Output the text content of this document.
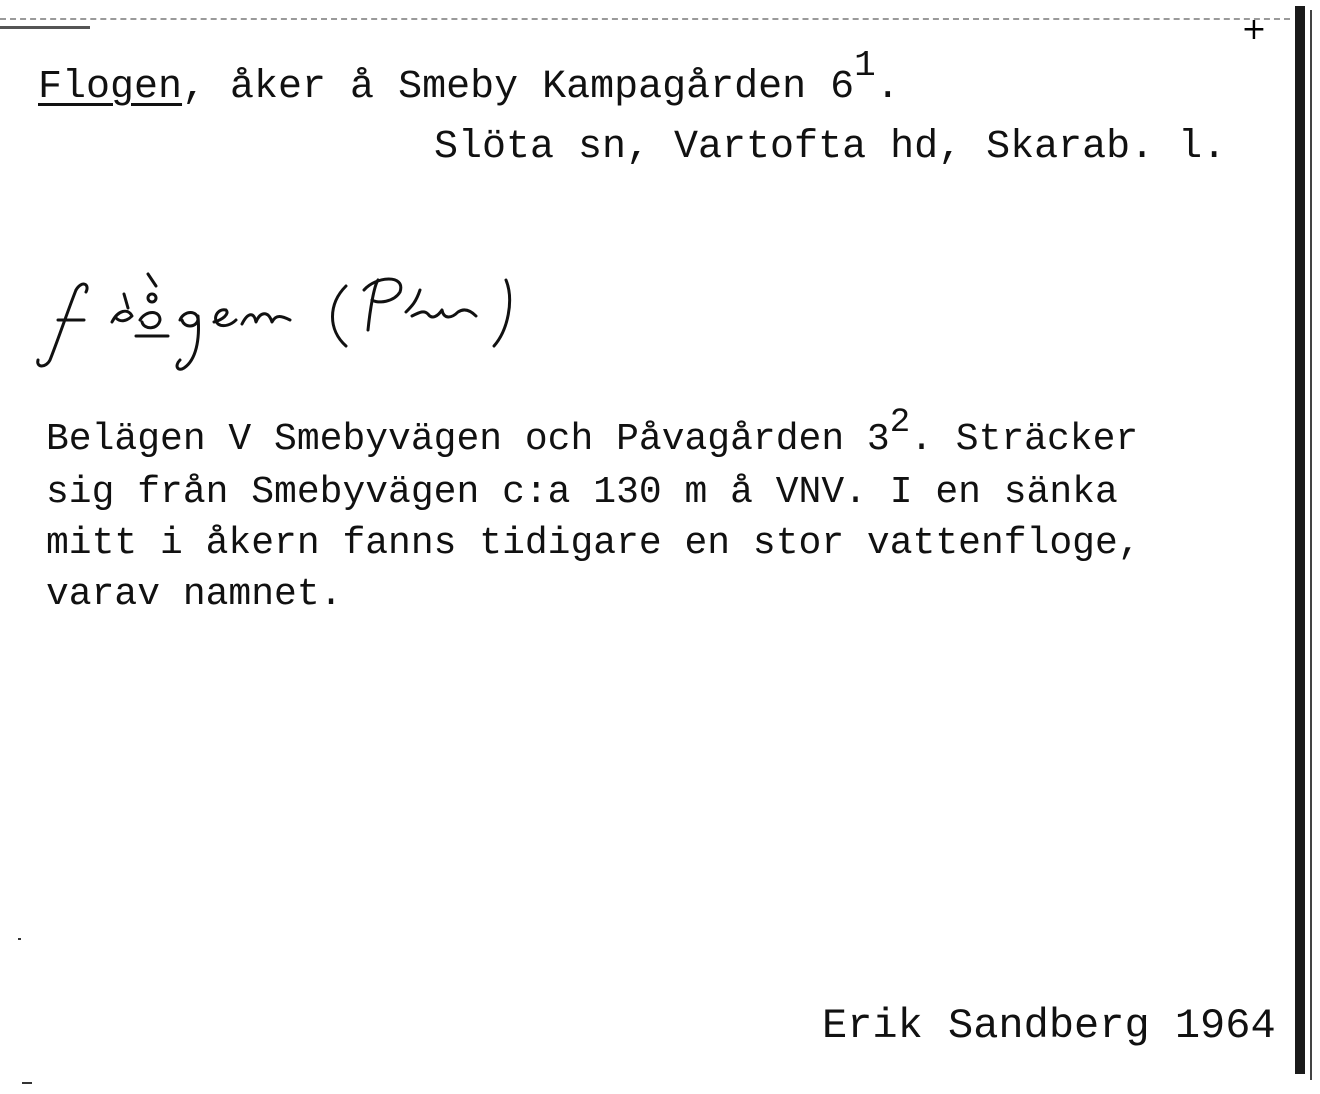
+
Flogen, åker å Smeby Kampagården 61.
Slöta sn, Vartofta hd, Skarab. l.
Belägen V Smebyvägen och Påvagården 32. Sträcker
sig från Smebyvägen c:a 130 m å VNV. I en sänka
mitt i åkern fanns tidigare en stor vattenfloge,
varav namnet.
Erik Sandberg 1964
